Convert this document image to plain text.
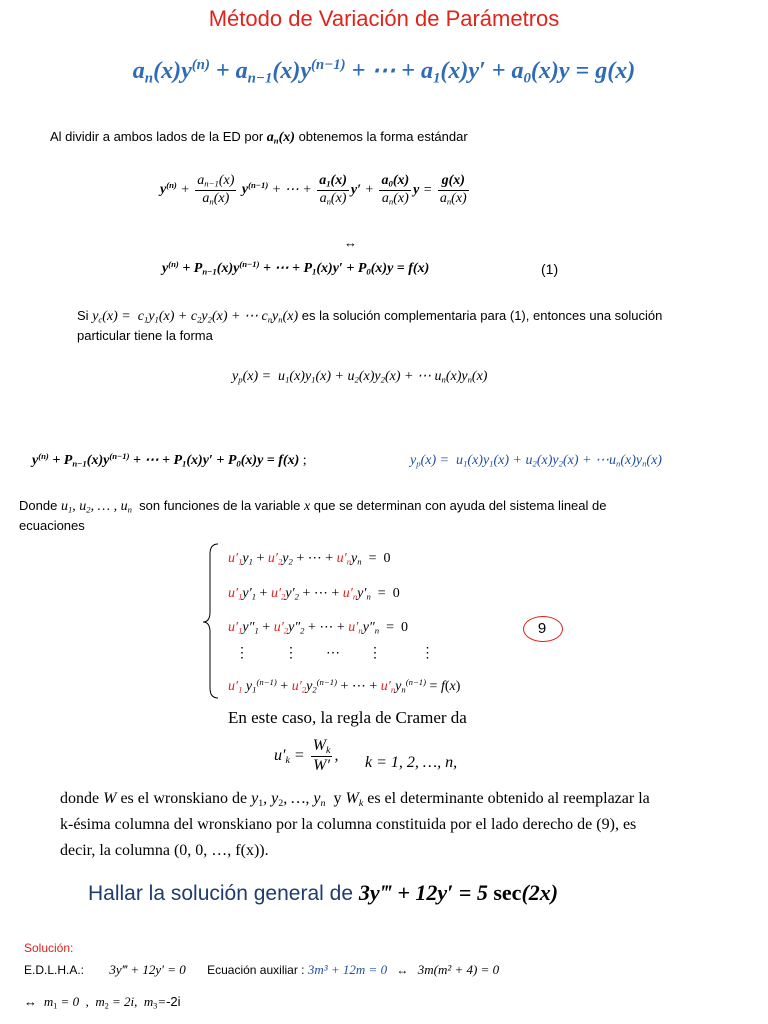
Método de Variación de Parámetros
$a_n(x)y^{(n)} + a_{n-1}(x)y^{(n-1)}$ + ⋯ + $a_1(x)y' + a_0(x)y = g(x)$
Al dividir a ambos lados de la ED por $a_n(x)$ obtenemos la forma estándar
$y^{(n)} + \frac{a_{n-1}(x)}{a_n(x)} y^{(n-1)}$ + ⋯ + $\frac{a_1(x)}{a_n(x)} y' + \frac{a_0(x)}{a_n(x)}$ $y = \frac{g(x)}{a_n(x)}$
↔
$y^{(n)} + P_{n-1}(x)y^{(n-1)}$ + ⋯ + $P_1(x)y' + P_0(x)y = f(x)$	(1)
Si $y_c(x) = c_1y_1(x) + c_2y_2(x)$ + ⋯ $c_ny_n(x)$ es la solución complementaria para (1), entonces una solución
particular tiene la forma
$y_p(x) = u_1(x)y_1(x) + u_2(x)y_2(x)$ + ⋯ $u_n(x)y_n(x)$
$y^{(n)} + P_{n-1}(x)y^{(n-1)}$ + ⋯ + $P_1(x)y' + P_0(x)y = f(x)$ ;	$y_p(x) = u_1(x)y_1(x) + u_2(x)y_2(x)$ + $\cdots u_n(x)y_n(x)$
Donde $u_1$, $u_2$, … , $u_n$ son funciones de la variable x que se determinan con ayuda del sistema lineal de
ecuaciones
$u'_1y_1 + u'_2y_2$ + ⋯ + $u'_ny_n = 0$
$u'_1y'_1 + u'_2y'_2$ + ⋯ + $u'_ny'_n = 0$
$u'_1y''_1 + u'_2y''_2$ + ⋯ + $u'_ny''_n = 0$
⋮          ⋮        ⋯        ⋮           ⋮
$u'_1$ $y_1^{(n-1)} + u'_2y_2^{(n-1)}$ + ⋯ + $u'_ny_n^{(n-1)} = f(x)$
9
En este caso, la regla de Cramer da
$u'_k = \frac{W_k}{W'}$ , k = 1, 2, …, n,
donde W es el wronskiano de $y_1$, $y_2$, …, $y_n$ y $W_k$ es el determinante obtenido al reemplazar la
k-ésima columna del wronskiano por la columna constituida por el lado derecho de (9), es
decir, la columna (0, 0, …, f(x)).
Hallar la solución general de 3y‴ + 12y′ = 5 sec(2x)
Solución:
E.D.L.H.A.: 3y‴ + 12y′ = 0 Ecuación auxiliar : 3m³ + 12m = 0 ↔ 3m(m² + 4) = 0
↔  $m_1 = 0$  ,  $m_2 = 2i$,  $m_3=-2i$
